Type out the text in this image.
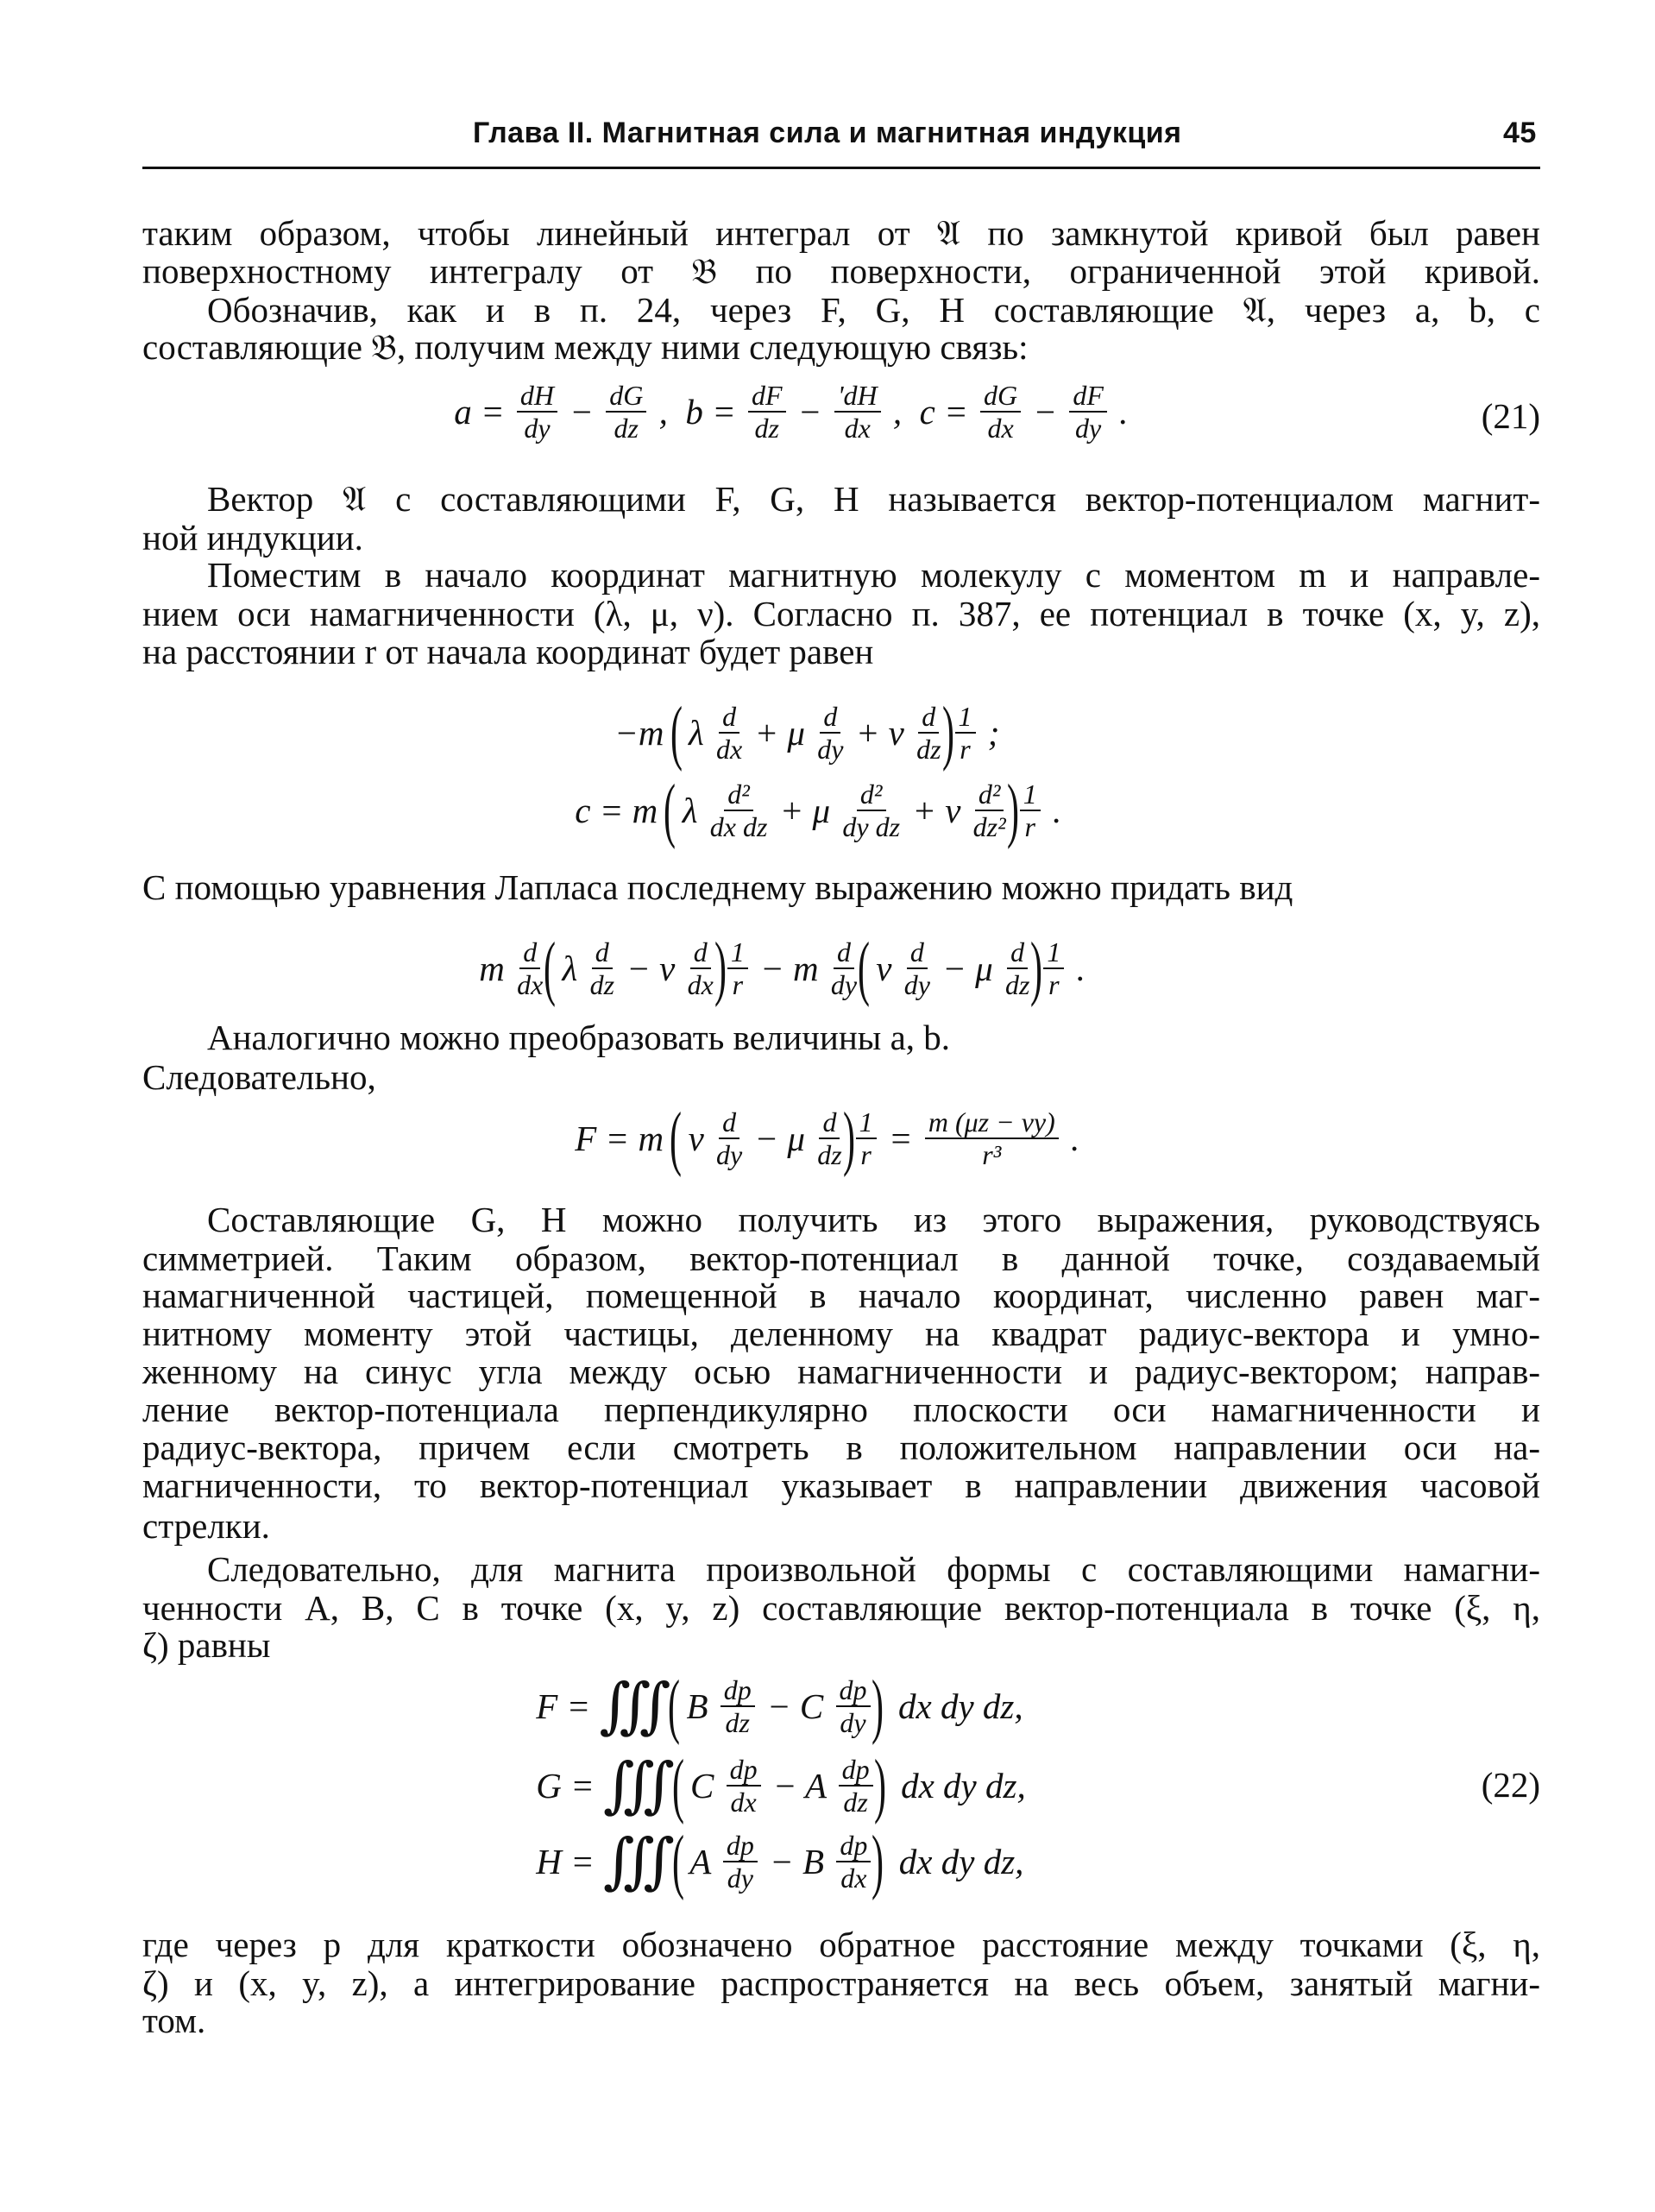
Глава II. Магнитная сила и магнитная индукция	45
таким образом, чтобы линейный интеграл от 𝔄 по замкнутой кривой был равен
поверхностному интегралу от 𝔅 по поверхности, ограниченной этой кривой.
Обозначив, как и в п. 24, через F, G, H составляющие 𝔄, через a, b, c
составляющие 𝔅, получим между ними следующую связь:
Вектор 𝔄 с составляющими F, G, H называется вектор-потенциалом магнит-
ной индукции.
Поместим в начало координат магнитную молекулу с моментом m и направле-
нием оси намагниченности (λ, μ, ν). Согласно п. 387, ее потенциал в точке (x, y, z),
на расстоянии r от начала координат будет равен
С помощью уравнения Лапласа последнему выражению можно придать вид
Аналогично можно преобразовать величины a, b.
Следовательно,
Составляющие G, H можно получить из этого выражения, руководствуясь
симметрией. Таким образом, вектор-потенциал в данной точке, создаваемый
намагниченной частицей, помещенной в начало координат, численно равен маг-
нитному моменту этой частицы, деленному на квадрат радиус-вектора и умно-
женному на синус угла между осью намагниченности и радиус-вектором; направ-
ление вектор-потенциала перпендикулярно плоскости оси намагниченности и
радиус-вектора, причем если смотреть в положительном направлении оси на-
магниченности, то вектор-потенциал указывает в направлении движения часовой
стрелки.
Следовательно, для магнита произвольной формы с составляющими намагни-
ченности A, B, C в точке (x, y, z) составляющие вектор-потенциала в точке (ξ, η,
ζ) равны
где через p для краткости обозначено обратное расстояние между точками (ξ, η,
ζ) и (x, y, z), а интегрирование распространяется на весь объем, занятый магни-
том.
$a = \frac{dH}{dy} - \frac{dG}{dz}$ ,  $b = \frac{dF}{dz} - \frac{'dH}{dx}$ ,  $c = \frac{dG}{dx} - \frac{dF}{dy}$ .	(21)
−m
(
λ $\frac{d}{dx} + \mu \frac{d}{dy} + \nu \frac{d}{dz}$ ) $\frac{1}{r}$ ;
c = m
(
λ $\frac{\text{d²}}{\text{dx dz}} + \mu \frac{\text{d²}}{\text{dy dz}} + \nu \frac{\text{d²}}{\text{dz²}}$ ) $\frac{1}{r}$ .
m $\frac{d}{dx}$ (
λ $\frac{d}{dz} - \nu \frac{d}{dx}$ ) $\frac{1}{r} - m \frac{d}{dy}$ (
ν $\frac{d}{dy} - \mu \frac{d}{dz}$ ) $\frac{1}{r}$ .
F = m
(
ν $\frac{d}{dy} - \mu \frac{d}{dz}$ ) $\frac{1}{r} = \frac{m (\mu z - \nu y)}{\text{r³}}$ .
F = ∭
(
B $\frac{dp}{dz} - C \frac{dp}{dy}$ )
dx dy dz,
G = ∭
(
C $\frac{dp}{dx} - A \frac{dp}{dz}$ )
dx dy dz,	(22)
H = ∭
(
A $\frac{dp}{dy} - B \frac{dp}{dx}$ )
dx dy dz,
